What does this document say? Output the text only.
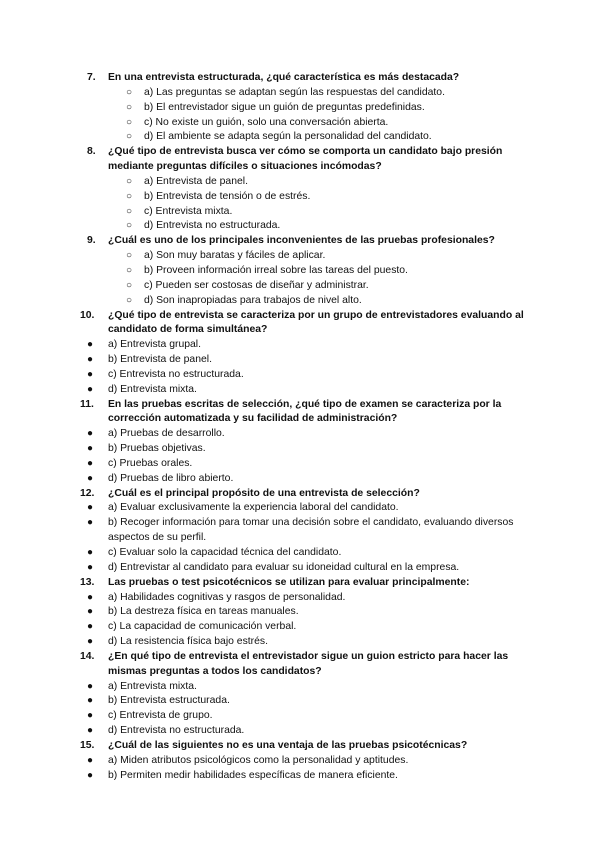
7. En una entrevista estructurada, ¿qué característica es más destacada?
○ a) Las preguntas se adaptan según las respuestas del candidato.
○ b) El entrevistador sigue un guión de preguntas predefinidas.
○ c) No existe un guión, solo una conversación abierta.
○ d) El ambiente se adapta según la personalidad del candidato.
8. ¿Qué tipo de entrevista busca ver cómo se comporta un candidato bajo presión mediante preguntas difíciles o situaciones incómodas?
○ a) Entrevista de panel.
○ b) Entrevista de tensión o de estrés.
○ c) Entrevista mixta.
○ d) Entrevista no estructurada.
9. ¿Cuál es uno de los principales inconvenientes de las pruebas profesionales?
○ a) Son muy baratas y fáciles de aplicar.
○ b) Proveen información irreal sobre las tareas del puesto.
○ c) Pueden ser costosas de diseñar y administrar.
○ d) Son inapropiadas para trabajos de nivel alto.
10. ¿Qué tipo de entrevista se caracteriza por un grupo de entrevistadores evaluando al candidato de forma simultánea?
● a) Entrevista grupal.
● b) Entrevista de panel.
● c) Entrevista no estructurada.
● d) Entrevista mixta.
11. En las pruebas escritas de selección, ¿qué tipo de examen se caracteriza por la corrección automatizada y su facilidad de administración?
● a) Pruebas de desarrollo.
● b) Pruebas objetivas.
● c) Pruebas orales.
● d) Pruebas de libro abierto.
12. ¿Cuál es el principal propósito de una entrevista de selección?
● a) Evaluar exclusivamente la experiencia laboral del candidato.
● b) Recoger información para tomar una decisión sobre el candidato, evaluando diversos aspectos de su perfil.
● c) Evaluar solo la capacidad técnica del candidato.
● d) Entrevistar al candidato para evaluar su idoneidad cultural en la empresa.
13. Las pruebas o test psicotécnicos se utilizan para evaluar principalmente:
● a) Habilidades cognitivas y rasgos de personalidad.
● b) La destreza física en tareas manuales.
● c) La capacidad de comunicación verbal.
● d) La resistencia física bajo estrés.
14. ¿En qué tipo de entrevista el entrevistador sigue un guion estricto para hacer las mismas preguntas a todos los candidatos?
● a) Entrevista mixta.
● b) Entrevista estructurada.
● c) Entrevista de grupo.
● d) Entrevista no estructurada.
15. ¿Cuál de las siguientes no es una ventaja de las pruebas psicotécnicas?
● a) Miden atributos psicológicos como la personalidad y aptitudes.
● b) Permiten medir habilidades específicas de manera eficiente.
